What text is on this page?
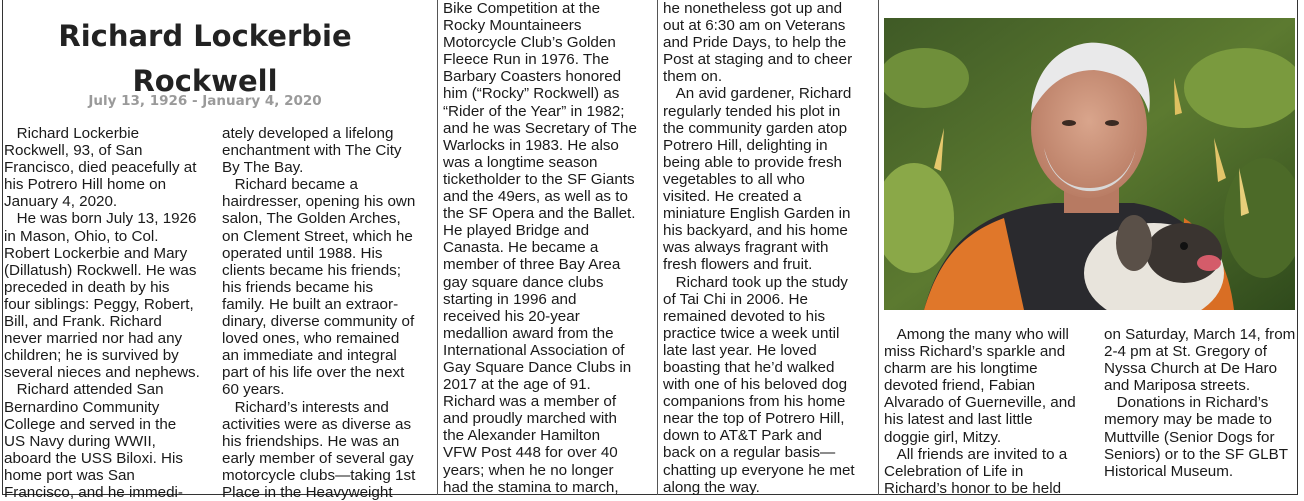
Richard Lockerbie
Rockwell
July 13, 1926 - January 4, 2020
Richard Lockerbie
Rockwell, 93, of San
Francisco, died peacefully at
his Potrero Hill home on
January 4, 2020.
He was born July 13, 1926
in Mason, Ohio, to Col.
Robert Lockerbie and Mary
(Dillatush) Rockwell. He was
preceded in death by his
four siblings: Peggy, Robert,
Bill, and Frank. Richard
never married nor had any
children; he is survived by
several nieces and nephews.
Richard attended San
Bernardino Community
College and served in the
US Navy during WWII,
aboard the USS Biloxi. His
home port was San
Francisco, and he immedi-
ately developed a lifelong
enchantment with The City
By The Bay.
Richard became a
hairdresser, opening his own
salon, The Golden Arches,
on Clement Street, which he
operated until 1988. His
clients became his friends;
his friends became his
family. He built an extraor-
dinary, diverse community of
loved ones, who remained
an immediate and integral
part of his life over the next
60 years.
Richard’s interests and
activities were as diverse as
his friendships. He was an
early member of several gay
motorcycle clubs—taking 1st
Place in the Heavyweight
Bike Competition at the
Rocky Mountaineers
Motorcycle Club’s Golden
Fleece Run in 1976. The
Barbary Coasters honored
him (“Rocky” Rockwell) as
“Rider of the Year” in 1982;
and he was Secretary of The
Warlocks in 1983. He also
was a longtime season
ticketholder to the SF Giants
and the 49ers, as well as to
the SF Opera and the Ballet.
He played Bridge and
Canasta. He became a
member of three Bay Area
gay square dance clubs
starting in 1996 and
received his 20-year
medallion award from the
International Association of
Gay Square Dance Clubs in
2017 at the age of 91.
Richard was a member of
and proudly marched with
the Alexander Hamilton
VFW Post 448 for over 40
years; when he no longer
had the stamina to march,
he nonetheless got up and
out at 6:30 am on Veterans
and Pride Days, to help the
Post at staging and to cheer
them on.
An avid gardener, Richard
regularly tended his plot in
the community garden atop
Potrero Hill, delighting in
being able to provide fresh
vegetables to all who
visited. He created a
miniature English Garden in
his backyard, and his home
was always fragrant with
fresh flowers and fruit.
Richard took up the study
of Tai Chi in 2006. He
remained devoted to his
practice twice a week until
late last year. He loved
boasting that he’d walked
with one of his beloved dog
companions from his home
near the top of Potrero Hill,
down to AT&T Park and
back on a regular basis—
chatting up everyone he met
along the way.
Among the many who will
miss Richard’s sparkle and
charm are his longtime
devoted friend, Fabian
Alvarado of Guerneville, and
his latest and last little
doggie girl, Mitzy.
All friends are invited to a
Celebration of Life in
Richard’s honor to be held
on Saturday, March 14, from
2-4 pm at St. Gregory of
Nyssa Church at De Haro
and Mariposa streets.
Donations in Richard’s
memory may be made to
Muttville (Senior Dogs for
Seniors) or to the SF GLBT
Historical Museum.
